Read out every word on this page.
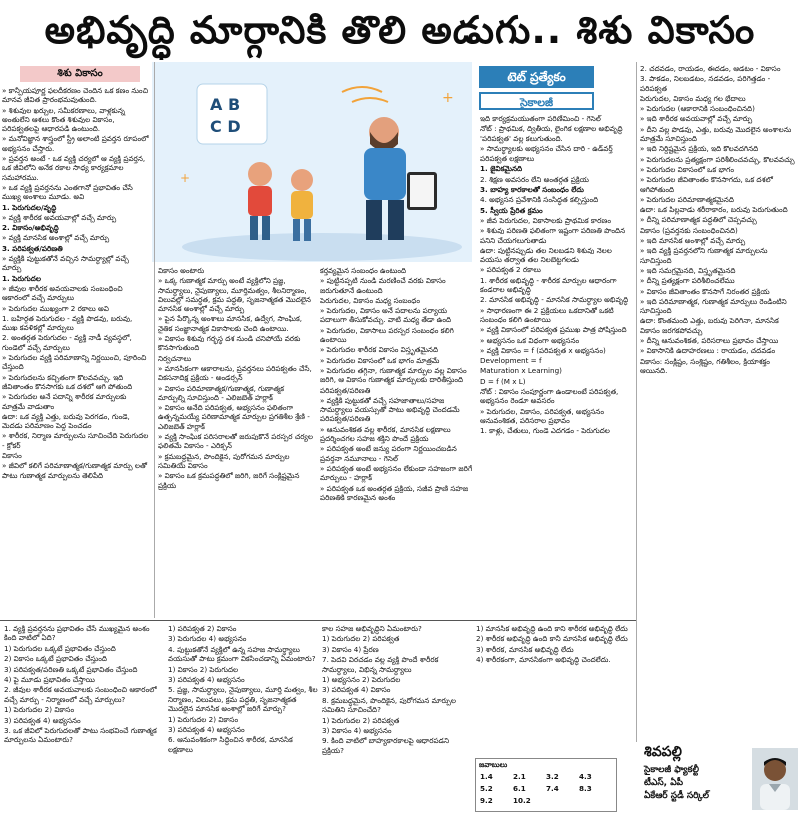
అభివృద్ధి మార్గానికి తొలి అడుగు.. శిశు వికాసం
శిశు వికాసం

» కాన్పీయపూర్ణ ఫలదీకరణం చెందిన ఒక కణం నుంచి మానవ జీవిత ప్రారంభమవుతుంది.

» శిశువుల ఖర్చుల, సమీకరణాలు, వాళ్లకున్న అంతులేని ఆశలు కొంత శిశువుల వికాసం, పరిపక్వతలపై ఆధారపడి ఉంటుంది.

» మనోవిజ్ఞాన శాస్త్రంలో స్ట్రీ అలాంటి ప్రవర్తన రూపంలో అభ్యసనం చేస్తారు.

» ప్రవర్తన అంటే - ఒక వ్యక్తి చర్యలో ఆ వ్యక్తి ప్రవర్తన, ఒక జీవిలోని అనేక రకాల సాధ్య కార్యక్రమాల సమహారము.

» ఒక వ్యక్తి ప్రవర్తనను ఎంతగానో ప్రభావితం చేసే ముఖ్య అంశాలు మూడు. అవి

1. పెరుగుదల/వృద్ధి

» వ్యక్తి శారీరక అవయవాల్లో వచ్చే మార్పు

2. వికాసం/అభివృద్ధి

» వ్యక్తి మానసిక అంశాల్లో వచ్చే మార్పు

3. పరిపక్వత/పరిణతి

» వ్యక్తికి పుట్టుకతోనే వచ్చిన సామర్థ్యాల్లో వచ్చే మార్పు

1. పెరుగుదల

» జీవుల శారీరక అవయవాలకు సంబంధించి ఆకారంలో వచ్చే మార్పులు

» పెరుగుదల ముఖ్యంగా 2 రకాలు అవి

1. బహిర్గత పెరుగుదల - వ్యక్తి పొడవు, బరువు, ముఖ కవళికల్లో మార్పులు

2. అంతర్గత పెరుగుదల - వ్యక్తి నాడీ వ్యవస్థలో, గుండెలో వచ్చే మార్పులు

» పెరుగుదల వ్యక్తి పరిమాణాన్ని నిర్ణయించి, పూరించి చేస్తుంది

» పెరుగుదలను కచ్చితంగా కొలవవచ్చు. ఇది జీవితాంతం కొనసాగకు ఒక దశలో ఆగి పోతుంది

» పెరుగుదల అనే పదాన్ని శారీరక మార్పులకు మాత్రమే వాడుతాం

ఉదా: ఒక వ్యక్తి ఎత్తు, బరువు పెరగడం, గుండె, మెదడు పరిమాణం పెద్ద పెంచడం

» శారీరక, నిర్మాణ మార్పులను సూచించేది పెరుగుదల - క్రోకర్

వికాసం

» జీవిలో కలిగే పరిమాణాత్మక/గుణాత్మక మార్పు లతో పాటు గుణాత్మక మార్పులను తెలిపేది

A B
C D
+
+

వికాసం అంటారు

» ఒక్క గుణాత్మక మార్పు అంటే వ్యక్తిలోని ప్రజ్ఞ, సామర్థ్యాలు, నైపుణ్యాలు, మూర్తిమత్వం, శీలనిర్మాణం, విలువల్లో సమర్థత, క్రమ పద్ధతి, సృజనాత్మకత మొదలైన మానసిక అంశాల్లో వచ్చే మార్పు

» పైన పేర్కొన్న అంశాలు మానసిక, ఉద్వేగ, సాంఘిక, నైతిక సంజ్ఞానాత్మక వికాసాలకు చెంది ఉంటాయి.

» వికాసం శిశువు గర్భస్థ దశ నుండి చనిపోయే వరకు కొనసాగుతుంది

నిర్వచనాలు

» మానసికంగా ఆకారాలను, ప్రవర్తనలు పరిపక్వతం చేసే, వికసనాదిక్ష ప్రక్రియ - అండర్సన్

» వికాసం పరిమాణాత్మక/గుణాత్మక, గుణాత్మక మార్పుల్ని సూచిస్తుంది - ఎలిజబెత్ హర్లాక్

» వికాసం అనేది పరిపక్వత, అభ్యసనం ఫలితంగా ఉత్పన్నమయ్యే పరిణామాత్మక మార్పుల ప్రగతిశీల శ్రేణి - ఎలిజబెత్ హర్లాక్

» వ్యక్తి సాంఘిక పరిసరాలతో జరుపుకొనే పరస్పర చర్యల ఫలితమే వికాసం - ఎరిక్సన్

» క్రమబద్ధమైన, పొందికైన, పురోగమన మార్పుల సమితియే వికాసం

» వికాసం ఒక క్రమపద్ధతిలో జరిగి, జరిగే సంక్లిష్టమైన ప్రక్రియ

కర్తవ్యమైన సంబంధం ఉంటుంది

» పుట్టినప్పటి నుండి మరణించే వరకు వికాసం జరుగుతూనే ఉంటుంది

పెరుగుదల, వికాసం మధ్య సంబంధం

» పెరుగుదల, వికాసం అనే పదాలను పర్యాయ పదాలుగా తీసుకోవచ్చు. వాటి మధ్య తేడా ఉంది

» పెరుగుదల, వికాసాలు పరస్పర సంబంధం కలిగి ఉంటాయి

» పెరుగుదల శారీరక వికాసం విస్తృతమైనది

» పెరుగుదల వికాసంలో ఒక భాగం మాత్రమే

» పెరుగుదల తగ్గినా, గుణాత్మక మార్పుల వల్ల వికాసం జరిగి, ఆ వికాసం గుణాత్మక మార్పులకు దారితీస్తుంది

పరిపక్వత/పరిణతి

» వ్యక్తికి పుట్టుకతో వచ్చే సహజాతాలు/సహజ సామర్థ్యాలు వయస్సుతో పాటు అభివృద్ధి చెందడమే పరిపక్వత/పరిణతి

» ఆనువంశికత వల్ల శారీరక, మానసిక లక్షణాలు ప్రదర్శించగల సహజ శక్తిని పొందే ప్రక్రియ

» పరిపక్వత అంటే జన్యు పరంగా నిర్ణయించబడిన ప్రవర్తనా నమూనాలు - గెసెల్

» పరిపక్వత అంటే అభ్యసనం లేకుండా సహజంగా జరిగే మార్పులు - హర్లాక్

» పరిపక్వత ఒక అంతర్గత ప్రక్రియ, సజీవ ప్రాణి సహజ పరిణతికి కారణమైన అంశం

టెట్ ప్రత్యేకం
సైకాలజీ

ఇది కార్యక్రమయుతంగా పరిణేమించి - గెసెల్

నోట్ : ప్రాథమిక, ద్వితీయ, లైంగిక లక్షణాల అభివృద్ధి 'పరిపక్వత' వల్ల కలుగుతుంది.

» సామర్థ్యాలకు అభ్యసనం చేసిన దారి - ఉడ్‌వర్త్

పరిపక్వత లక్షణాలు

1. జైవికమైనది

2. శిక్షణ అవసరం లేని అంతర్గత ప్రక్రియ

3. బాహ్య కారకాలతో సంబంధం లేదు

4. అభ్యసన ప్రవేశానికి సంసిద్ధత కల్పిస్తుంది

5. స్వీయ ప్రేరిత క్రమం

» జీవ పెరుగుదల, వికాసాలకు ప్రాథమిక కారణం

» శిశువు పరిణతి ఫలితంగా ఇష్టంగా పరిణతి పొందిన పనిని చేయగలుగుతాడు

ఉదా: పుట్టినప్పుడు తల నిలబడని శిశువు నెలల వయసు తర్వాత తల నిలబెట్టగలడు

» పరిపక్వత 2 రకాలు

1. శారీరక అభివృద్ధి - శారీరక మార్పుల ఆధారంగా కండరాల అభివృద్ధి

2. మానసిక అభివృద్ధి - మానసిక సామర్థ్యాల అభివృద్ధి

» సాధారణంగా ఈ 2 ప్రక్రియలు ఒకదానితో ఒకటి సంబంధం కలిగి ఉంటాయి

» వ్యక్తి వికాసంలో పరిపక్వత ప్రముఖ పాత్ర పోషిస్తుంది

» అభ్యసనం ఒక విధంగా అభ్యసనం

» వ్యక్తి వికాసం = f (పరిపక్వత x అభ్యసనం)

Development = f

Maturation x Learning)

D = f (M x L)

నోట్ : వికాసం సంపూర్ణంగా ఉండాలంటే పరిపక్వత, అభ్యసనం రెండూ అవసరం

» పెరుగుదల, వికాసం, పరిపక్వత, అభ్యసనం ఆనువంశికత, పరిసరాల ప్రభావం

1. కాళ్లు, చేతులు, గుండె ఎదగడం - పెరుగుదల

2. చదవడం, రాయడం, ఈదడం, ఆడటం - వికాసం

3. పాకడం, నిలబడటం, నడవడం, పరిగెత్తడం - పరిపక్వత

పెరుగుదల, వికాసం మధ్య గల భేదాలు

» పెరుగుదల (ఆకారానికి సంబంధించినది)

» ఇది శారీరక అవయవాల్లో వచ్చే మార్పు

» దీని వల్ల పొడవు, ఎత్తు, బరువు మొదలైన అంశాలను మాత్రమే సూచిస్తుంది

» ఇది నిర్దిష్టమైన ప్రక్రియ, ఇది కొలవదగినది

» పెరుగుదలను ప్రత్యక్షంగా పరిశీలించవచ్చు, కొలవవచ్చు

» పెరుగుదల వికాసంలో ఒక భాగం

» పెరుగుదల జీవితాంతం కొనసాగదు, ఒక దశలో ఆగిపోతుంది

» పెరుగుదల పరిమాణాత్మకమైనది

ఉదా: ఒక పిల్లవాడు శరీరాకారం, బరువు పెరుగుతుంది

» దీన్ని పరిమాణాత్మక పద్ధతిలో చెప్పవచ్చు

వికాసం (ప్రవర్తనకు సంబంధించినది)

» ఇది మానసిక అంశాల్లో వచ్చే మార్పు

» ఇది వ్యక్తి ప్రవర్తనలోని గుణాత్మక మార్పులను సూచిస్తుంది

» ఇది సమగ్రమైనది, విస్తృతమైనది

» దీన్ని ప్రత్యక్షంగా పరిశీలించలేము

» వికాసం జీవితాంతం కొనసాగే నిరంతర ప్రక్రియ

» ఇది పరిమాణాత్మక, గుణాత్మక మార్పులు రెండింటిని సూచిస్తుంది

ఉదా: కొంతమంది ఎత్తు, బరువు పెరిగినా, మానసిక వికాసం జరగకపోవచ్చు

» దీన్ని ఆనువంశికత, పరిసరాలు ప్రభావం చేస్తాయి

» వికాసానికి ఉదాహరణలు : రాయడం, చదవడం

వికాసం: సంక్లిష్టం, సంశ్లిష్టం, గతిశీలం, క్రియాశక్తం ఆయినది.

1. వ్యక్తి ప్రవర్తనను ప్రభావితం చేసే ముఖ్యమైన అంశం కింది వాటిలో ఏది?

1) పెరుగుదల ఒక్కటే ప్రభావితం చేస్తుంది

2) వికాసం ఒక్కటే ప్రభావితం చేస్తుంది

3) పరిపక్వత/పరిణతి ఒక్కటే ప్రభావితం చేస్తుంది

4) పై మూడు ప్రభావితం చేస్తాయి

2. జీవుల శారీరక అవయవాలకు సంబంధించి ఆకారంలో వచ్చే మార్పు - నిర్మాణంలో వచ్చే మార్పులు?

1) పెరుగుదల 2) వికాసం

3) పరిపక్వత 4) అభ్యసనం

3. ఒక జీవిలో పెరుగుదలతో పాటు సంభవించే గుణాత్మక మార్పులను ఏమంటారు?

1) పరిపక్వత 2) వికాసం

3) పెరుగుదల 4) అభ్యసనం

4. పుట్టుకతోనే వ్యక్తిలో ఉన్న సహజ సామర్థ్యాలు వయసుతో పాటు క్రమంగా వికసించడాన్ని ఏమంటారు?

1) వికాసం 2) పెరుగుదల

3) పరిపక్వత 4) అభ్యసనం

5. ప్రజ్ఞ, సామర్థ్యాలు, నైపుణ్యాలు, మూర్తి మత్వం, శీల నిర్మాణం, విలువలు, క్రమ పద్ధతి, సృజనాత్మకత మొదలైన మానసిక అంశాల్లో జరిగే మార్పు?

1) పెరుగుదల 2) వికాసం

3) పరిపక్వత 4) అభ్యసనం

6. ఆనువంశికంగా సిద్ధించిన శారీరక, మానసిక లక్షణాలు

కాల సహజ అభివృద్ధిని ఏమంటారు?

1) పెరుగుదల 2) పరిపక్వత

3) వికాసం 4) ప్రేరణ

7. పెదవి విరచడం వల్ల వ్యక్తి పొందే శారీరక సామర్థ్యాలు, విభిన్న సామర్థ్యాలు

1) అభ్యసనం 2) పెరుగుదల

3) పరిపక్వత 4) వికాసం

8. క్రమబద్ధమైన, పొందికైన, పురోగమన మార్పుల సమితిని సూచించేది?

1) పెరుగుదల 2) పరిపక్వత

3) వికాసం 4) అభ్యసనం

9. కింది వాటిలో బాహ్యకారకాలపై ఆధారపడని ప్రక్రియ?

1) మానసిక అభివృద్ధి ఉంది కాని శారీరక అభివృద్ధి లేదు

2) శారీరక అభివృద్ధి ఉంది కానీ మానసిక అభివృద్ధి లేదు

3) శారీరక, మానసిక అభివృద్ధి లేదు

4) శారీరకంగా, మానసికంగా అభివృద్ధి చెందలేదు.

జవాబులు
1.4	2.1	3.2	4.3
5.2	6.1	7.4	8.3
9.2	10.2
శివపల్లి
సైకాలజీ ఫ్యాకల్టీ
టీఎస్, ఏపీ
ఏకేఆర్ స్టడీ సర్కిల్
